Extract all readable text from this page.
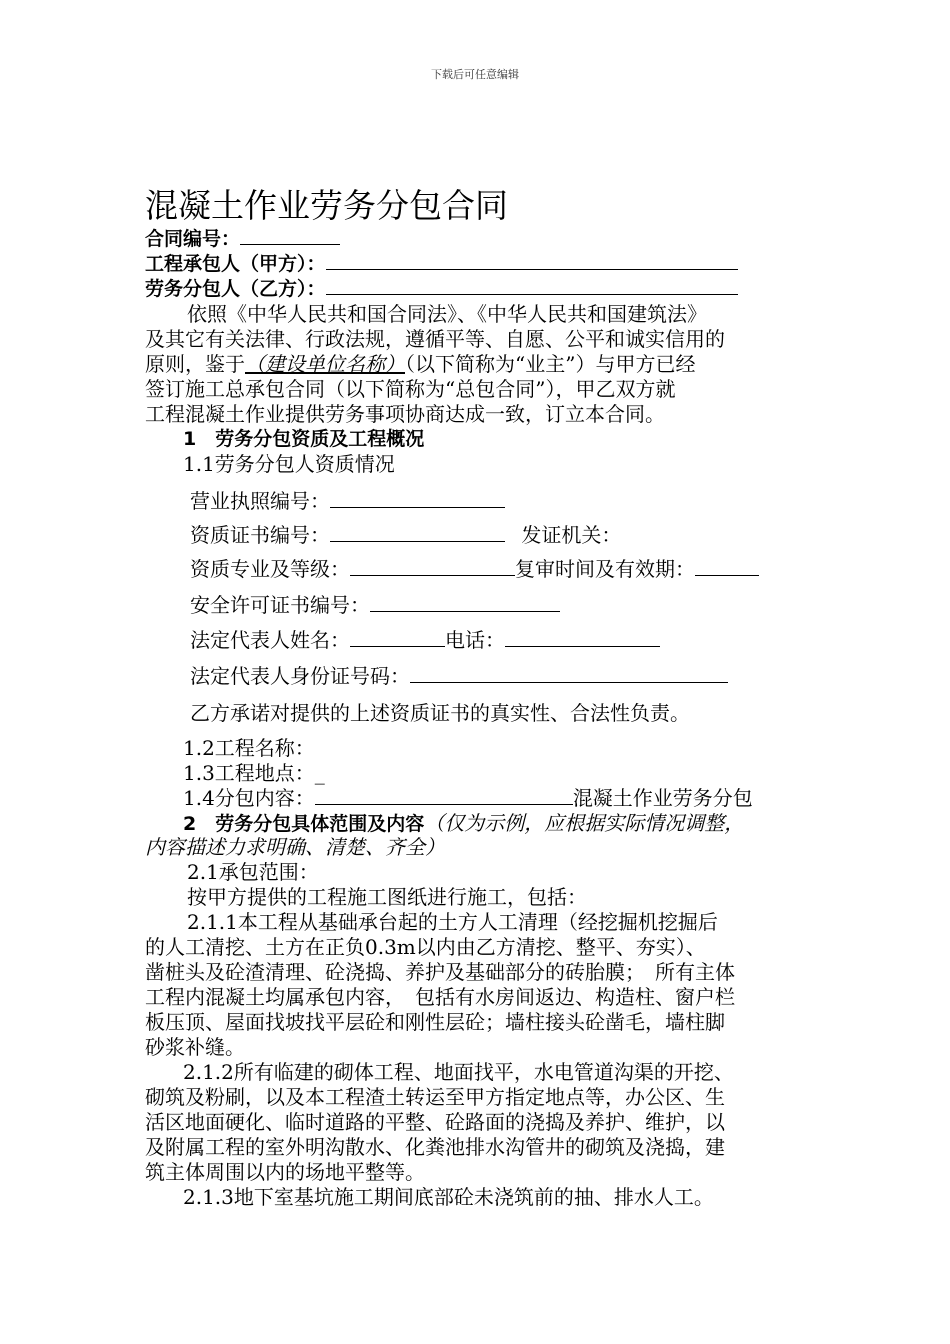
下载后可任意编辑
混凝土作业劳务分包合同
合同编号：
工程承包人（甲方）：
劳务分包人（乙方）：
依照《中华人民共和国合同法》、《中华人民共和国建筑法》
及其它有关法律、行政法规，遵循平等、自愿、公平和诚实信用的
原则，鉴于（建设单位名称）（以下简称为“业主”）与甲方已经
签订施工总承包合同（以下简称为“总包合同”），甲乙双方就
工程混凝土作业提供劳务事项协商达成一致，订立本合同。
1　劳务分包资质及工程概况
1.1劳务分包人资质情况
营业执照编号：
资质证书编号：	发证机关：
资质专业及等级：	复审时间及有效期：
安全许可证书编号：
法定代表人姓名：	电话：
法定代表人身份证号码：
乙方承诺对提供的上述资质证书的真实性、合法性负责。
1.2工程名称：
1.3工程地点：_
1.4分包内容：	混凝土作业劳务分包
2　劳务分包具体范围及内容（仅为示例，应根据实际情况调整，
内容描述力求明确、清楚、齐全）
2.1承包范围：
按甲方提供的工程施工图纸进行施工，包括：
2.1.1本工程从基础承台起的土方人工清理（经挖掘机挖掘后
的人工清挖、土方在正负0.3m以内由乙方清挖、整平、夯实）、
凿桩头及砼渣清理、砼浇捣、养护及基础部分的砖胎膜；　所有主体
工程内混凝土均属承包内容，　包括有水房间返边、构造柱、窗户栏
板压顶、屋面找坡找平层砼和刚性层砼；墙柱接头砼凿毛，墙柱脚
砂浆补缝。
2.1.2所有临建的砌体工程、地面找平，水电管道沟渠的开挖、
砌筑及粉刷，以及本工程渣土转运至甲方指定地点等，办公区、生
活区地面硬化、临时道路的平整、砼路面的浇捣及养护、维护，以
及附属工程的室外明沟散水、化粪池排水沟管井的砌筑及浇捣，建
筑主体周围以内的场地平整等。
2.1.3地下室基坑施工期间底部砼未浇筑前的抽、排水人工。
